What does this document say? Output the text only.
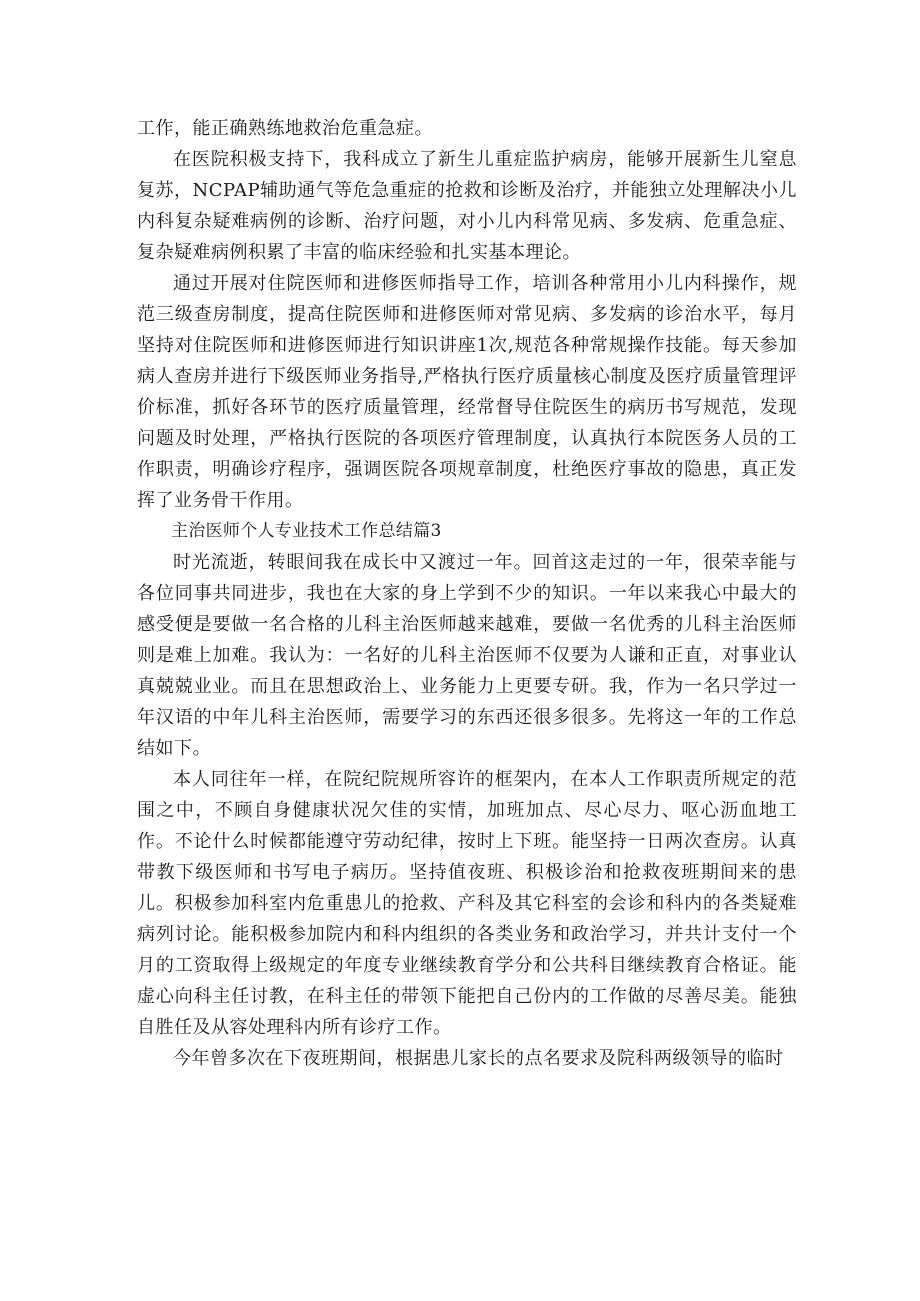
工作，能正确熟练地救治危重急症。

在医院积极支持下，我科成立了新生儿重症监护病房，能够开展新生儿窒息复苏，NCPAP辅助通气等危急重症的抢救和诊断及治疗，并能独立处理解决小儿内科复杂疑难病例的诊断、治疗问题，对小儿内科常见病、多发病、危重急症、复杂疑难病例积累了丰富的临床经验和扎实基本理论。

通过开展对住院医师和进修医师指导工作，培训各种常用小儿内科操作，规范三级查房制度，提高住院医师和进修医师对常见病、多发病的诊治水平，每月坚持对住院医师和进修医师进行知识讲座1次,规范各种常规操作技能。每天参加病人查房并进行下级医师业务指导,严格执行医疗质量核心制度及医疗质量管理评价标准，抓好各环节的医疗质量管理，经常督导住院医生的病历书写规范，发现问题及时处理，严格执行医院的各项医疗管理制度，认真执行本院医务人员的工作职责，明确诊疗程序，强调医院各项规章制度，杜绝医疗事故的隐患，真正发挥了业务骨干作用。

主治医师个人专业技术工作总结篇3

时光流逝，转眼间我在成长中又渡过一年。回首这走过的一年，很荣幸能与各位同事共同进步，我也在大家的身上学到不少的知识。一年以来我心中最大的感受便是要做一名合格的儿科主治医师越来越难，要做一名优秀的儿科主治医师则是难上加难。我认为：一名好的儿科主治医师不仅要为人谦和正直，对事业认真兢兢业业。而且在思想政治上、业务能力上更要专研。我，作为一名只学过一年汉语的中年儿科主治医师，需要学习的东西还很多很多。先将这一年的工作总结如下。

本人同往年一样，在院纪院规所容许的框架内，在本人工作职责所规定的范围之中，不顾自身健康状况欠佳的实情，加班加点、尽心尽力、呕心沥血地工作。不论什么时候都能遵守劳动纪律，按时上下班。能坚持一日两次查房。认真带教下级医师和书写电子病历。坚持值夜班、积极诊治和抢救夜班期间来的患儿。积极参加科室内危重患儿的抢救、产科及其它科室的会诊和科内的各类疑难病列讨论。能积极参加院内和科内组织的各类业务和政治学习，并共计支付一个月的工资取得上级规定的年度专业继续教育学分和公共科目继续教育合格证。能虚心向科主任讨教，在科主任的带领下能把自己份内的工作做的尽善尽美。能独自胜任及从容处理科内所有诊疗工作。

今年曾多次在下夜班期间，根据患儿家长的点名要求及院科两级领导的临时
